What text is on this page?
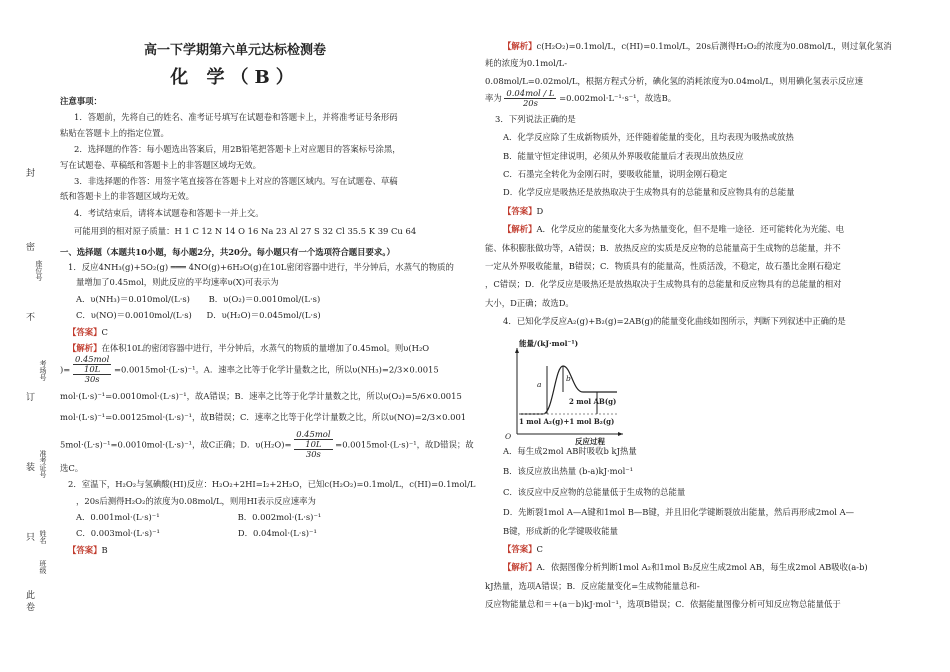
封
密
座位号
不
订
考场号
装
只
准考证号
卷
姓名
此
班级
高一下学期第六单元达标检测卷
化 学（B）

注意事项：

1．答题前，先将自己的姓名、准考证号填写在试题卷和答题卡上，并将准考证号条形码

粘贴在答题卡上的指定位置。

2．选择题的作答：每小题选出答案后，用2B铅笔把答题卡上对应题目的答案标号涂黑，

写在试题卷、草稿纸和答题卡上的非答题区域均无效。

3．非选择题的作答：用签字笔直接答在答题卡上对应的答题区域内。写在试题卷、草稿

纸和答题卡上的非答题区域均无效。

4．考试结束后，请将本试题卷和答题卡一并上交。

可能用到的相对原子质量：H 1 C 12 N 14 O 16 Na 23 Al 27 S 32 Cl 35.5 K 39 Cu 64

一、选择题（本题共10小题，每小题2分，共20分。每小题只有一个选项符合题目要求。）

1．反应4NH₃(g)+5O₂(g) ═══ 4NO(g)+6H₂O(g)在10L密闭容器中进行，半分钟后，水蒸气的物质的

量增加了0.45mol，则此反应的平均速率υ(X)可表示为

A．υ(NH₃)＝0.010mol/(L·s) B．υ(O₂)＝0.0010mol/(L·s)

C．υ(NO)＝0.0010mol/(L·s) D．υ(H₂O)＝0.045mol/(L·s)

【答案】C

【解析】在体积10L的密闭容器中进行，半分钟后，水蒸气的物质的量增加了0.45mol。则υ(H₂O

)=
0.45mol
10L
30s
=0.0015mol·(L·s)⁻¹。A．速率之比等于化学计量数之比，所以υ(NH₃)=2/3×0.0015

mol·(L·s)⁻¹=0.0010mol·(L·s)⁻¹，故A错误；B．速率之比等于化学计量数之比，所以υ(O₂)=5/6×0.0015

mol·(L·s)⁻¹=0.00125mol·(L·s)⁻¹，故B错误；C．速率之比等于化学计量数之比，所以υ(NO)=2/3×0.001

5mol·(L·s)⁻¹=0.0010mol·(L·s)⁻¹，故C正确；D．υ(H₂O)=
0.45mol
10L
30s
=0.0015mol·(L·s)⁻¹，故D错误；故

选C。

2．室温下，H₂O₂与氢碘酸(HI)反应：H₂O₂+2HI=I₂+2H₂O，已知c(H₂O₂)=0.1mol/L，c(HI)=0.1mol/L

，20s后测得H₂O₂的浓度为0.08mol/L，则用HI表示反应速率为

A．0.001mol·(L·s)⁻¹	B．0.002mol·(L·s)⁻¹

C．0.003mol·(L·s)⁻¹	D．0.04mol·(L·s)⁻¹

【答案】B

【解析】c(H₂O₂)=0.1mol/L，c(HI)=0.1mol/L，20s后测得H₂O₂的浓度为0.08mol/L，则过氧化氢消

耗的浓度为0.1mol/L-

0.08mol/L=0.02mol/L，根据方程式分析，碘化氢的消耗浓度为0.04mol/L，则用碘化氢表示反应速

率为 $\frac{\text{0.04mol / L}}{20s} =0.002mol\cdot L^{-1}\cdot s^{-1}$，故选B。

3．下列说法正确的是

A．化学反应除了生成新物质外，还伴随着能量的变化，且均表现为吸热或放热

B．能量守恒定律说明，必须从外界吸收能量后才表现出放热反应

C．石墨完全转化为金刚石时，要吸收能量，说明金刚石稳定

D．化学反应是吸热还是放热取决于生成物具有的总能量和反应物具有的总能量

【答案】D

【解析】A．化学反应的能量变化大多为热量变化，但不是唯一途径．还可能转化为光能、电

能、体积膨胀做功等，A错误；B．放热反应的实质是反应物的总能量高于生成物的总能量，并不

一定从外界吸收能量，B错误；C．物质具有的能量高，性质活泼，不稳定，故石墨比金刚石稳定

，C错误；D．化学反应是吸热还是放热取决于生成物具有的总能量和反应物具有的总能量的相对

大小，D正确；故选D。

4．已知化学反应A₂(g)+B₂(g)=2AB(g)的能量变化曲线如图所示，判断下列叙述中正确的是

能量/(kJ·mol⁻¹)
a
b
2 mol AB(g)
1 mol A₂(g)+1 mol B₂(g)
O
反应过程

A．每生成2mol AB时吸收b kJ热量

B．该反应放出热量 (b-a)kJ·mol⁻¹

C．该反应中反应物的总能量低于生成物的总能量

D．先断裂1mol A—A键和1mol B—B键，并且旧化学键断裂放出能量，然后再形成2mol A—

B键，形成新的化学键吸收能量

【答案】C

【解析】A．依据图像分析判断1mol A₂和1mol B₂反应生成2mol AB，每生成2mol AB吸收(a-b)

kJ热量，选项A错误；B．反应能量变化=生成物能量总和-

反应物能量总和＝+(a－b)kJ·mol⁻¹，选项B错误；C．依据能量图像分析可知反应物总能量低于
